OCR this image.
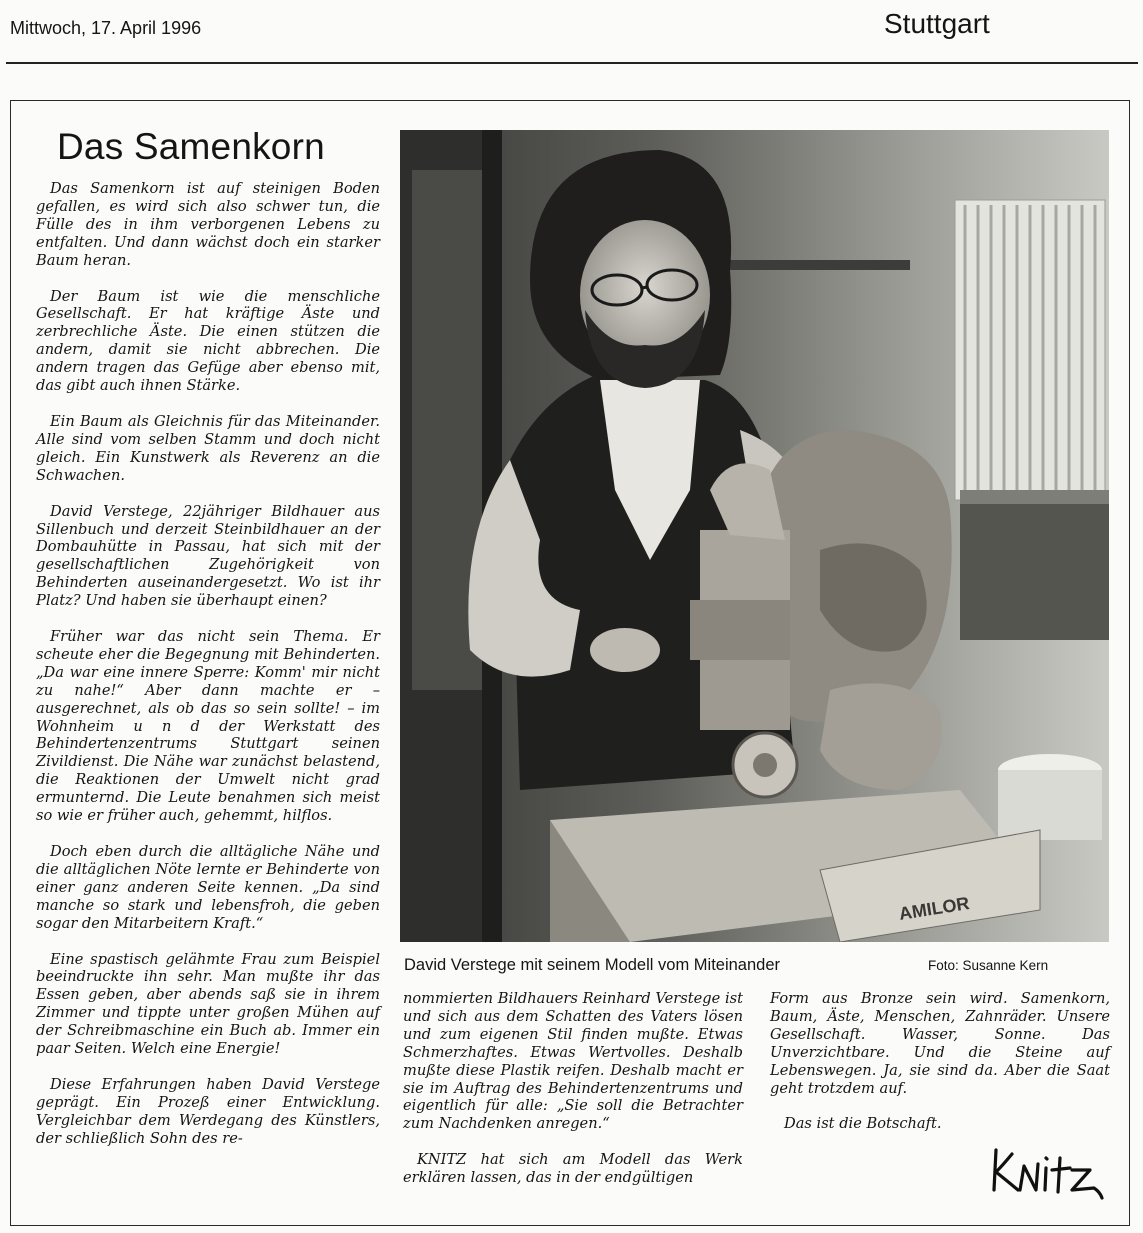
Mittwoch, 17. April 1996	Stuttgart
Das Samenkorn

Das Samenkorn ist auf steinigen Boden gefallen, es wird sich also schwer tun, die Fülle des in ihm verborgenen Lebens zu entfalten. Und dann wächst doch ein starker Baum heran.

Der Baum ist wie die menschliche Gesellschaft. Er hat kräftige Äste und zerbrechliche Äste. Die einen stützen die andern, damit sie nicht abbrechen. Die andern tragen das Gefüge aber ebenso mit, das gibt auch ihnen Stärke.

Ein Baum als Gleichnis für das Miteinander. Alle sind vom selben Stamm und doch nicht gleich. Ein Kunstwerk als Reverenz an die Schwachen.

David Verstege, 22jähriger Bildhauer aus Sillenbuch und derzeit Steinbildhauer an der Dombauhütte in Passau, hat sich mit der gesellschaftlichen Zugehörigkeit von Behinderten auseinandergesetzt. Wo ist ihr Platz? Und haben sie überhaupt einen?

Früher war das nicht sein Thema. Er scheute eher die Begegnung mit Behinderten. „Da war eine innere Sperre: Komm' mir nicht zu nahe!“ Aber dann machte er – ausgerechnet, als ob das so sein sollte! – im Wohnheim u n d der Werkstatt des Behindertenzentrums Stuttgart seinen Zivildienst. Die Nähe war zunächst belastend, die Reaktionen der Umwelt nicht grad ermunternd. Die Leute benahmen sich meist so wie er früher auch, gehemmt, hilflos.

Doch eben durch die alltägliche Nähe und die alltäglichen Nöte lernte er Behinderte von einer ganz anderen Seite kennen. „Da sind manche so stark und lebensfroh, die geben sogar den Mitarbeitern Kraft.“

Eine spastisch gelähmte Frau zum Beispiel beeindruckte ihn sehr. Man mußte ihr das Essen geben, aber abends saß sie in ihrem Zimmer und tippte unter großen Mühen auf der Schreibmaschine ein Buch ab. Immer ein paar Seiten. Welch eine Energie!

Diese Erfahrungen haben David Verstege geprägt. Ein Prozeß einer Entwicklung. Vergleichbar dem Werdegang des Künstlers, der schließlich Sohn des re-

AMILOR
David Verstege mit seinem Modell vom Miteinander	Foto: Susanne Kern

nommierten Bildhauers Reinhard Verstege ist und sich aus dem Schatten des Vaters lösen und zum eigenen Stil finden mußte. Etwas Schmerzhaftes. Etwas Wertvolles. Deshalb mußte diese Plastik reifen. Deshalb macht er sie im Auftrag des Behindertenzentrums und eigentlich für alle: „Sie soll die Betrachter zum Nachdenken anregen.“

KNITZ hat sich am Modell das Werk erklären lassen, das in der endgültigen

Form aus Bronze sein wird. Samenkorn, Baum, Äste, Menschen, Zahnräder. Unsere Gesellschaft. Wasser, Sonne. Das Unverzichtbare. Und die Steine auf Lebenswegen. Ja, sie sind da. Aber die Saat geht trotzdem auf.

Das ist die Botschaft.
